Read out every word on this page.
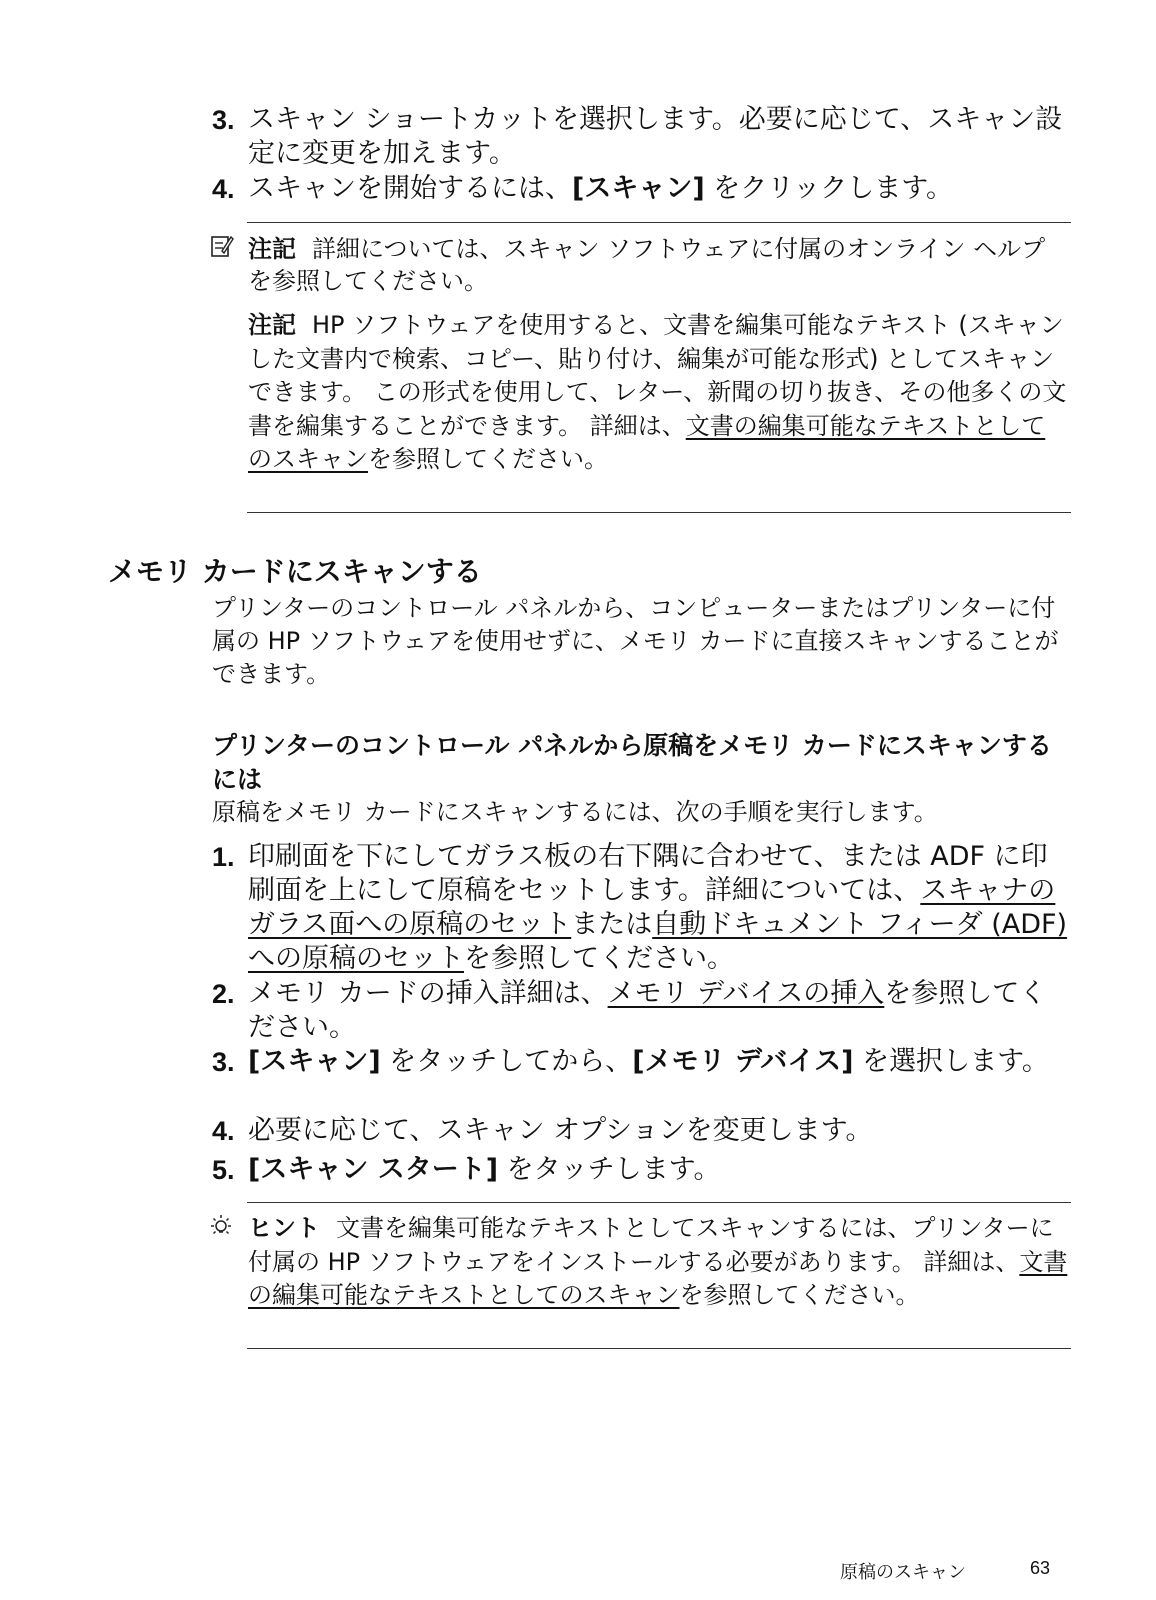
3. スキャン ショートカットを選択します。必要に応じて、スキャン設定に変更を加えます。
4. スキャンを開始するには、[スキャン] をクリックします。
注記 詳細については、スキャン ソフトウェアに付属のオンライン ヘルプを参照してください。
注記 HP ソフトウェアを使用すると、文書を編集可能なテキスト (スキャンした文書内で検索、コピー、貼り付け、編集が可能な形式) としてスキャンできます。 この形式を使用して、レター、新聞の切り抜き、その他多くの文書を編集することができます。 詳細は、文書の編集可能なテキストとしてのスキャンを参照してください。
メモリ カードにスキャンする
プリンターのコントロール パネルから、コンピューターまたはプリンターに付属の HP ソフトウェアを使用せずに、メモリ カードに直接スキャンすることができます。
プリンターのコントロール パネルから原稿をメモリ カードにスキャンするには
原稿をメモリ カードにスキャンするには、次の手順を実行します。
1. 印刷面を下にしてガラス板の右下隅に合わせて、または ADF に印刷面を上にして原稿をセットします。詳細については、スキャナのガラス面への原稿のセットまたは自動ドキュメント フィーダ (ADF) への原稿のセットを参照してください。
2. メモリ カードの挿入詳細は、メモリ デバイスの挿入を参照してください。
3. [スキャン] をタッチしてから、[メモリ デバイス] を選択します。
4. 必要に応じて、スキャン オプションを変更します。
5. [スキャン スタート] をタッチします。
ヒント 文書を編集可能なテキストとしてスキャンするには、プリンターに付属の HP ソフトウェアをインストールする必要があります。 詳細は、文書の編集可能なテキストとしてのスキャンを参照してください。
原稿のスキャン	63
